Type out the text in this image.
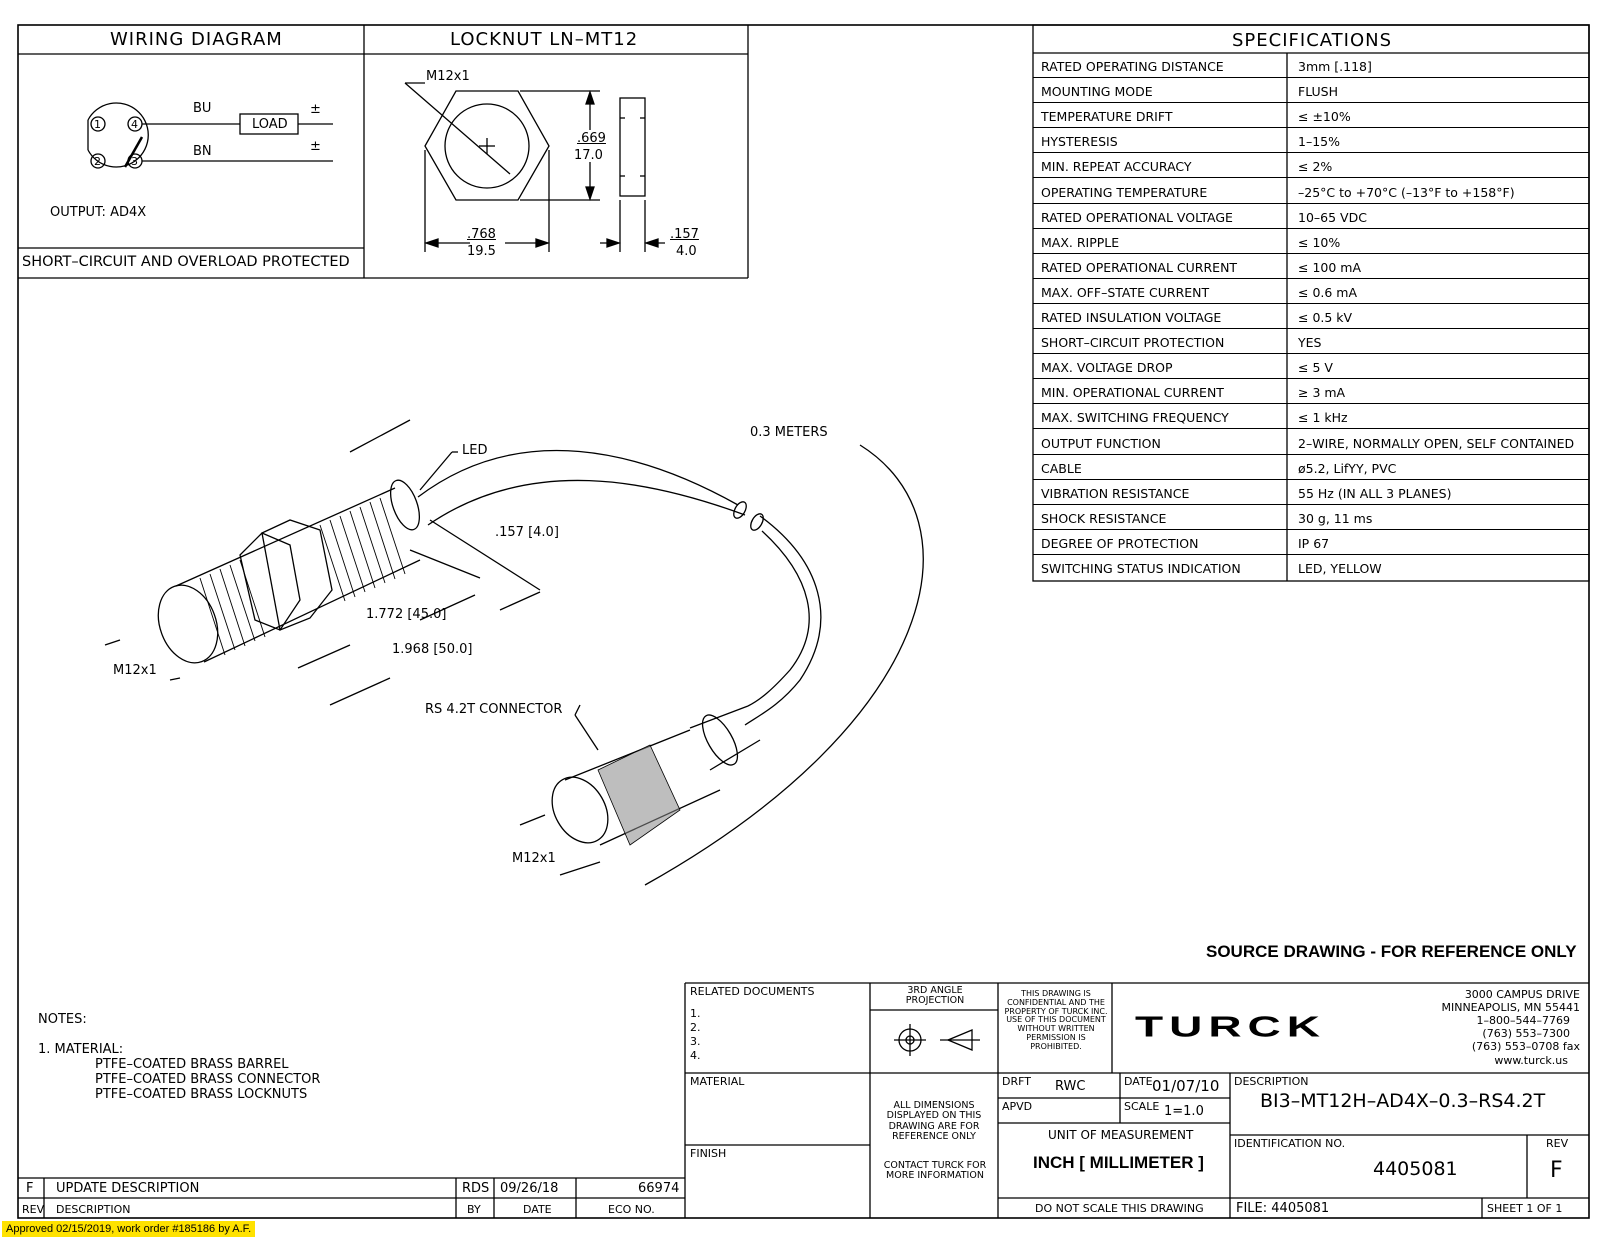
WIRING DIAGRAM
1
2	3
4
BU
BN
LOAD
±
±
OUTPUT: AD4X
SHORT–CIRCUIT AND OVERLOAD PROTECTED
LOCKNUT LN–MT12
M12x1
.669
17.0
.768
19.5
.157
4.0
SPECIFICATIONS
RATED OPERATING DISTANCE	3mm [.118]
MOUNTING MODE	FLUSH
TEMPERATURE DRIFT	≤ ±10%
HYSTERESIS	1–15%
MIN. REPEAT ACCURACY	≤ 2%
OPERATING TEMPERATURE	–25°C to +70°C (–13°F to +158°F)
RATED OPERATIONAL VOLTAGE	10–65 VDC
MAX. RIPPLE	≤ 10%
RATED OPERATIONAL CURRENT	≤ 100 mA
MAX. OFF–STATE CURRENT	≤ 0.6 mA
RATED INSULATION VOLTAGE	≤ 0.5 kV
SHORT–CIRCUIT PROTECTION	YES
MAX. VOLTAGE DROP	≤ 5 V
MIN. OPERATIONAL CURRENT	≥ 3 mA
MAX. SWITCHING FREQUENCY	≤ 1 kHz
OUTPUT FUNCTION	2–WIRE, NORMALLY OPEN, SELF CONTAINED
CABLE	ø5.2, LifYY, PVC
VIBRATION RESISTANCE	55 Hz (IN ALL 3 PLANES)
SHOCK RESISTANCE	30 g, 11 ms
DEGREE OF PROTECTION	IP 67
SWITCHING STATUS INDICATION	LED, YELLOW
LED
0.3 METERS
.157 [4.0]
1.772 [45.0]
1.968 [50.0]
M12x1
RS 4.2T CONNECTOR
M12x1
SOURCE DRAWING - FOR REFERENCE ONLY
NOTES:
1. MATERIAL:
PTFE–COATED BRASS BARREL
PTFE–COATED BRASS CONNECTOR
PTFE–COATED BRASS LOCKNUTS
F UPDATE DESCRIPTION	RDS 09/26/18	66974
REV DESCRIPTION	BY	DATE	ECO NO.
RELATED DOCUMENTS
1.
2.
3.
4.
MATERIAL
FINISH
3RD ANGLE PROJECTION
ALL DIMENSIONS DISPLAYED ON THIS DRAWING ARE FOR REFERENCE ONLY
CONTACT TURCK FOR MORE INFORMATION
THIS DRAWING IS CONFIDENTIAL AND THE PROPERTY OF TURCK INC. USE OF THIS DOCUMENT WITHOUT WRITTEN PERMISSION IS PROHIBITED.
TURCK
3000 CAMPUS DRIVE
MINNEAPOLIS, MN 55441
1–800–544–7769
(763) 553–7300
(763) 553–0708 fax
www.turck.us
DRFT RWC	DATE 01/07/10
APVD	SCALE 1=1.0
UNIT OF MEASUREMENT
INCH [ MILLIMETER ]
DO NOT SCALE THIS DRAWING
DESCRIPTION
BI3–MT12H–AD4X–0.3–RS4.2T
IDENTIFICATION NO.
4405081
REV
F
FILE: 4405081	SHEET 1 OF 1
Approved 02/15/2019, work order #185186 by A.F.
